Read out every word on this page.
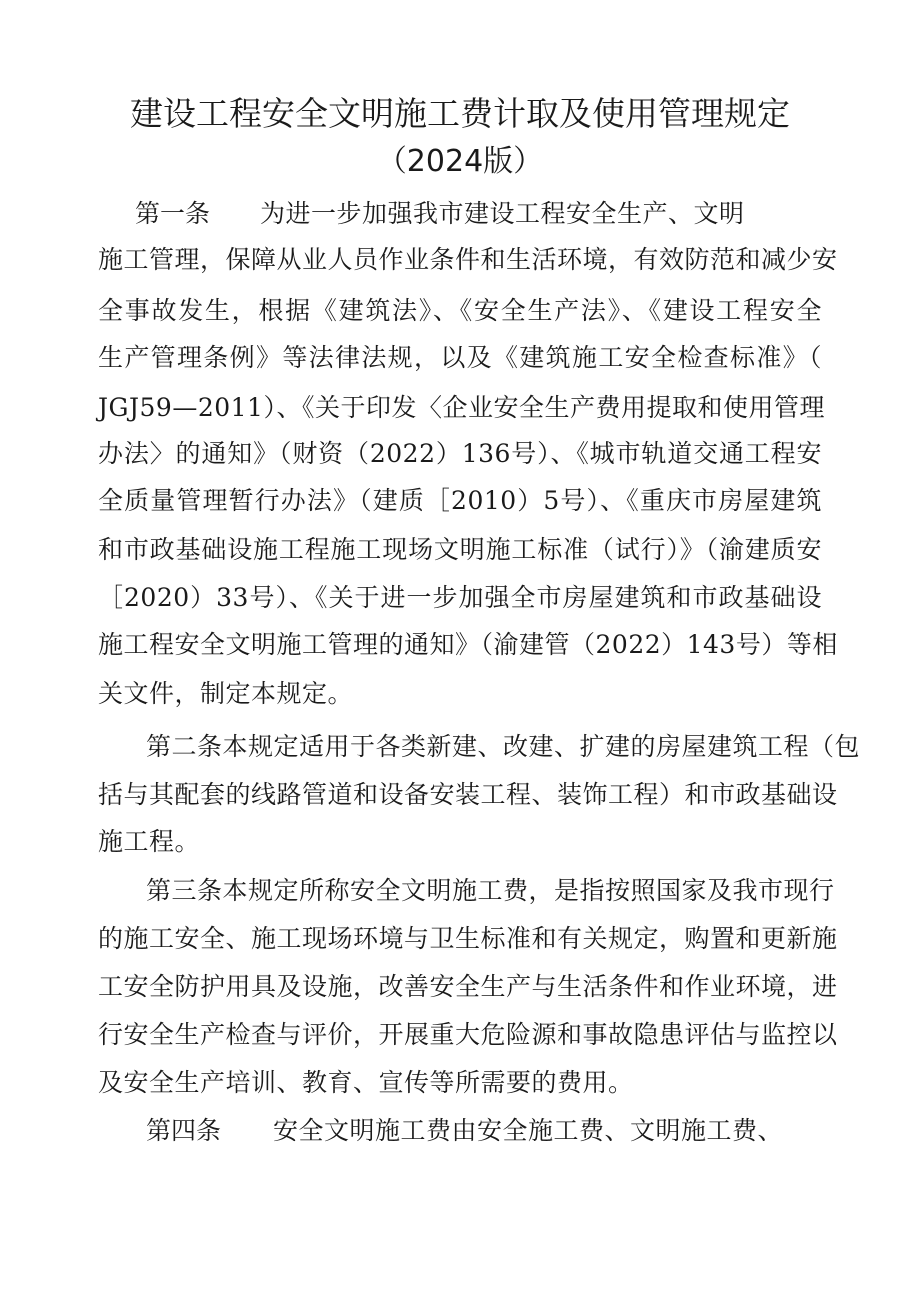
建设工程安全文明施工费计取及使用管理规定
（2024版）
第一条 为进一步加强我市建设工程安全生产、文明
施工管理，保障从业人员作业条件和生活环境，有效防范和减少安
全事故发生，根据《建筑法》、《安全生产法》、《建设工程安全
生产管理条例》等法律法规，以及《建筑施工安全检查标准》（
JGJ59—2011）、《关于印发〈企业安全生产费用提取和使用管理
办法〉的通知》（财资（2022）136号）、《城市轨道交通工程安
全质量管理暂行办法》（建质［2010）5号）、《重庆市房屋建筑
和市政基础设施工程施工现场文明施工标准（试行）》（渝建质安
［2020）33号）、《关于进一步加强全市房屋建筑和市政基础设
施工程安全文明施工管理的通知》（渝建管（2022）143号）等相
关文件，制定本规定。
第二条本规定适用于各类新建、改建、扩建的房屋建筑工程（包
括与其配套的线路管道和设备安装工程、装饰工程）和市政基础设
施工程。
第三条本规定所称安全文明施工费，是指按照国家及我市现行
的施工安全、施工现场环境与卫生标准和有关规定，购置和更新施
工安全防护用具及设施，改善安全生产与生活条件和作业环境，进
行安全生产检查与评价，开展重大危险源和事故隐患评估与监控以
及安全生产培训、教育、宣传等所需要的费用。
第四条 安全文明施工费由安全施工费、文明施工费、
